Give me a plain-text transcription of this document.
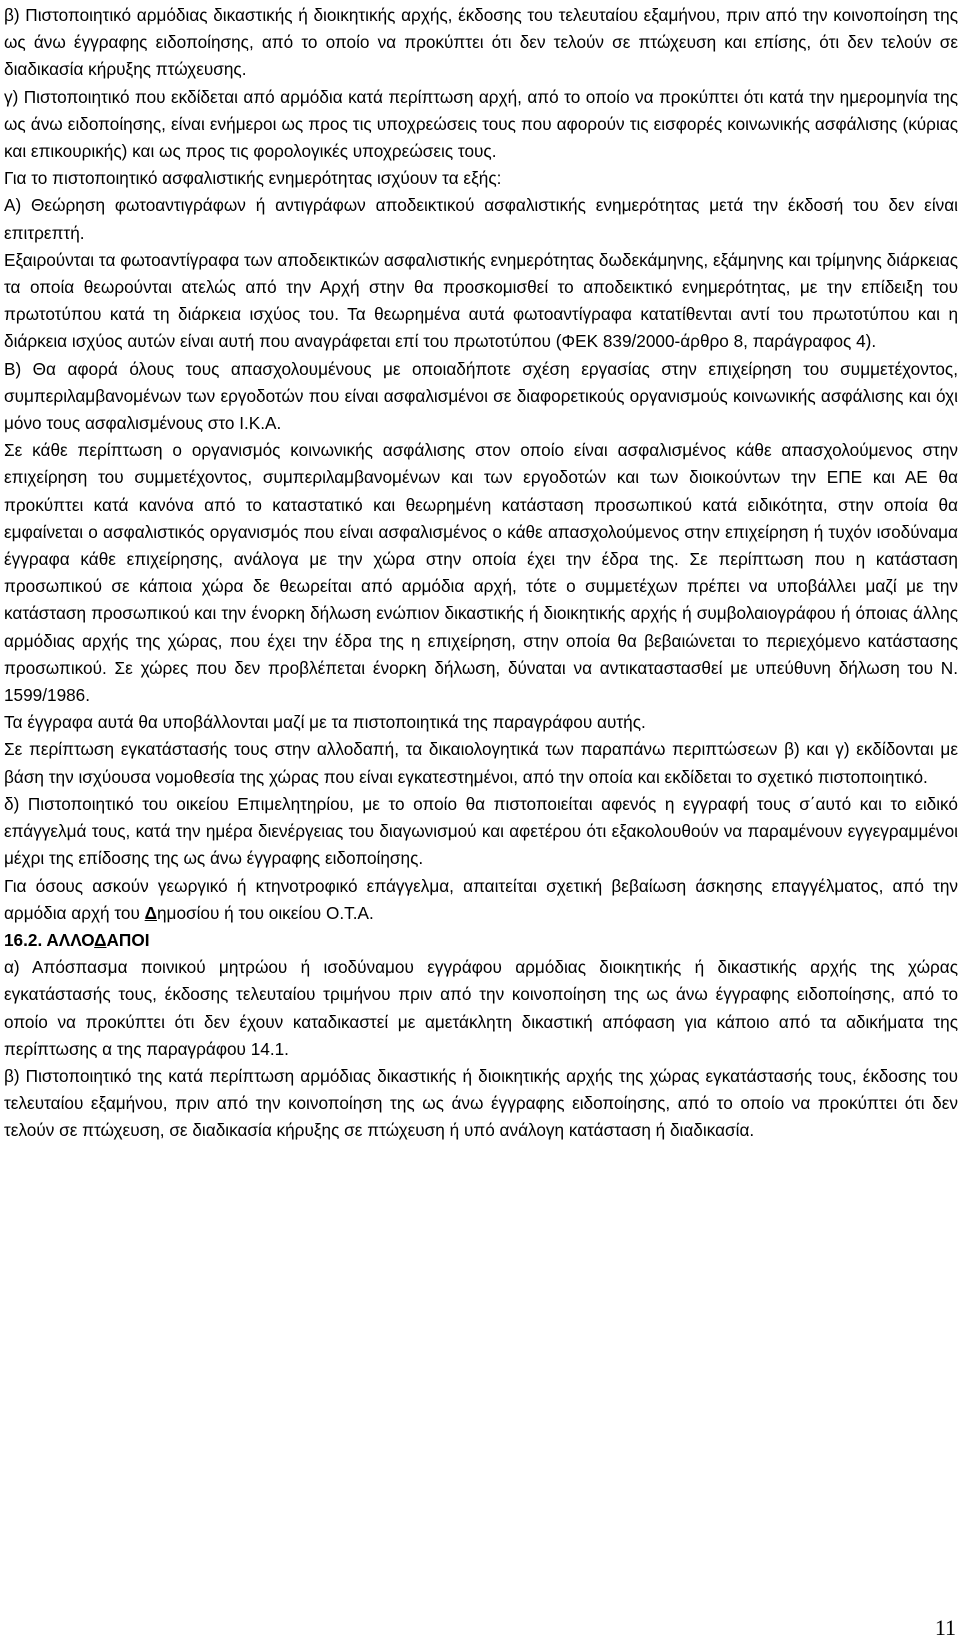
β) Πιστοποιητικό αρμόδιας δικαστικής ή διοικητικής αρχής, έκδοσης του τελευταίου εξαμήνου, πριν από την κοινοποίηση της ως άνω έγγραφης ειδοποίησης, από το οποίο να προκύπτει ότι δεν τελούν σε πτώχευση και επίσης, ότι δεν τελούν σε διαδικασία κήρυξης πτώχευσης.

γ) Πιστοποιητικό που εκδίδεται από αρμόδια κατά περίπτωση αρχή, από το οποίο να προκύπτει ότι κατά την ημερομηνία της ως άνω ειδοποίησης, είναι ενήμεροι ως προς τις υποχρεώσεις τους που αφορούν τις εισφορές κοινωνικής ασφάλισης (κύριας και επικουρικής) και ως προς τις φορολογικές υποχρεώσεις τους.

Για το πιστοποιητικό ασφαλιστικής ενημερότητας ισχύουν τα εξής:

Α) Θεώρηση φωτοαντιγράφων ή αντιγράφων αποδεικτικού ασφαλιστικής ενημερότητας μετά την έκδοσή του δεν είναι επιτρεπτή.

Εξαιρούνται τα φωτοαντίγραφα των αποδεικτικών ασφαλιστικής ενημερότητας δωδεκάμηνης, εξάμηνης και τρίμηνης διάρκειας τα οποία θεωρούνται ατελώς από την Αρχή στην θα προσκομισθεί το αποδεικτικό ενημερότητας, με την επίδειξη του πρωτοτύπου κατά τη διάρκεια ισχύος του. Τα θεωρημένα αυτά φωτοαντίγραφα κατατίθενται αντί του πρωτοτύπου και η διάρκεια ισχύος αυτών είναι αυτή που αναγράφεται επί του πρωτοτύπου (ΦΕΚ 839/2000-άρθρο 8, παράγραφος 4).

Β) Θα αφορά όλους τους απασχολουμένους με οποιαδήποτε σχέση εργασίας στην επιχείρηση του συμμετέχοντος, συμπεριλαμβανομένων των εργοδοτών που είναι ασφαλισμένοι σε διαφορετικούς οργανισμούς κοινωνικής ασφάλισης και όχι μόνο τους ασφαλισμένους στο Ι.Κ.Α.

Σε κάθε περίπτωση ο οργανισμός κοινωνικής ασφάλισης στον οποίο είναι ασφαλισμένος κάθε απασχολούμενος στην επιχείρηση του συμμετέχοντος, συμπεριλαμβανομένων και των εργοδοτών και των διοικούντων την ΕΠΕ και ΑΕ θα προκύπτει κατά κανόνα από το καταστατικό και θεωρημένη κατάσταση προσωπικού κατά ειδικότητα, στην οποία θα εμφαίνεται ο ασφαλιστικός οργανισμός που είναι ασφαλισμένος ο κάθε απασχολούμενος στην επιχείρηση ή τυχόν ισοδύναμα έγγραφα κάθε επιχείρησης, ανάλογα με την χώρα στην οποία έχει την έδρα της. Σε περίπτωση που η κατάσταση προσωπικού σε κάποια χώρα δε θεωρείται από αρμόδια αρχή, τότε ο συμμετέχων πρέπει να υποβάλλει μαζί με την κατάσταση προσωπικού και την ένορκη δήλωση ενώπιον δικαστικής ή διοικητικής αρχής ή συμβολαιογράφου ή όποιας άλλης αρμόδιας αρχής της χώρας, που έχει την έδρα της η επιχείρηση, στην οποία θα βεβαιώνεται το περιεχόμενο κατάστασης προσωπικού. Σε χώρες που δεν προβλέπεται ένορκη δήλωση, δύναται να αντικαταστασθεί με υπεύθυνη δήλωση του Ν. 1599/1986.

Τα έγγραφα αυτά θα υποβάλλονται μαζί με τα πιστοποιητικά της παραγράφου αυτής.

Σε περίπτωση εγκατάστασής τους στην αλλοδαπή, τα δικαιολογητικά των παραπάνω περιπτώσεων β) και γ) εκδίδονται με βάση την ισχύουσα νομοθεσία της χώρας που είναι εγκατεστημένοι, από την οποία και εκδίδεται το σχετικό πιστοποιητικό.

δ) Πιστοποιητικό του οικείου Επιμελητηρίου, με το οποίο θα πιστοποιείται αφενός η εγγραφή τους σ΄αυτό και το ειδικό επάγγελμά τους, κατά την ημέρα διενέργειας του διαγωνισμού και αφετέρου ότι εξακολουθούν να παραμένουν εγγεγραμμένοι μέχρι της επίδοσης της ως άνω έγγραφης ειδοποίησης.

Για όσους ασκούν γεωργικό ή κτηνοτροφικό επάγγελμα, απαιτείται σχετική βεβαίωση άσκησης επαγγέλματος, από την αρμόδια αρχή του Δημοσίου ή του οικείου Ο.Τ.Α.

16.2. ΑΛΛΟΔΑΠΟΙ

α) Απόσπασμα ποινικού μητρώου ή ισοδύναμου εγγράφου αρμόδιας διοικητικής ή δικαστικής αρχής της χώρας εγκατάστασής τους, έκδοσης τελευταίου τριμήνου πριν από την κοινοποίηση της ως άνω έγγραφης ειδοποίησης, από το οποίο να προκύπτει ότι δεν έχουν καταδικαστεί με αμετάκλητη δικαστική απόφαση για κάποιο από τα αδικήματα της περίπτωσης α της παραγράφου 14.1.

β) Πιστοποιητικό της κατά περίπτωση αρμόδιας δικαστικής ή διοικητικής αρχής της χώρας εγκατάστασής τους, έκδοσης του τελευταίου εξαμήνου, πριν από την κοινοποίηση της ως άνω έγγραφης ειδοποίησης, από το οποίο να προκύπτει ότι δεν τελούν σε πτώχευση, σε διαδικασία κήρυξης σε πτώχευση ή υπό ανάλογη κατάσταση ή διαδικασία.

11
